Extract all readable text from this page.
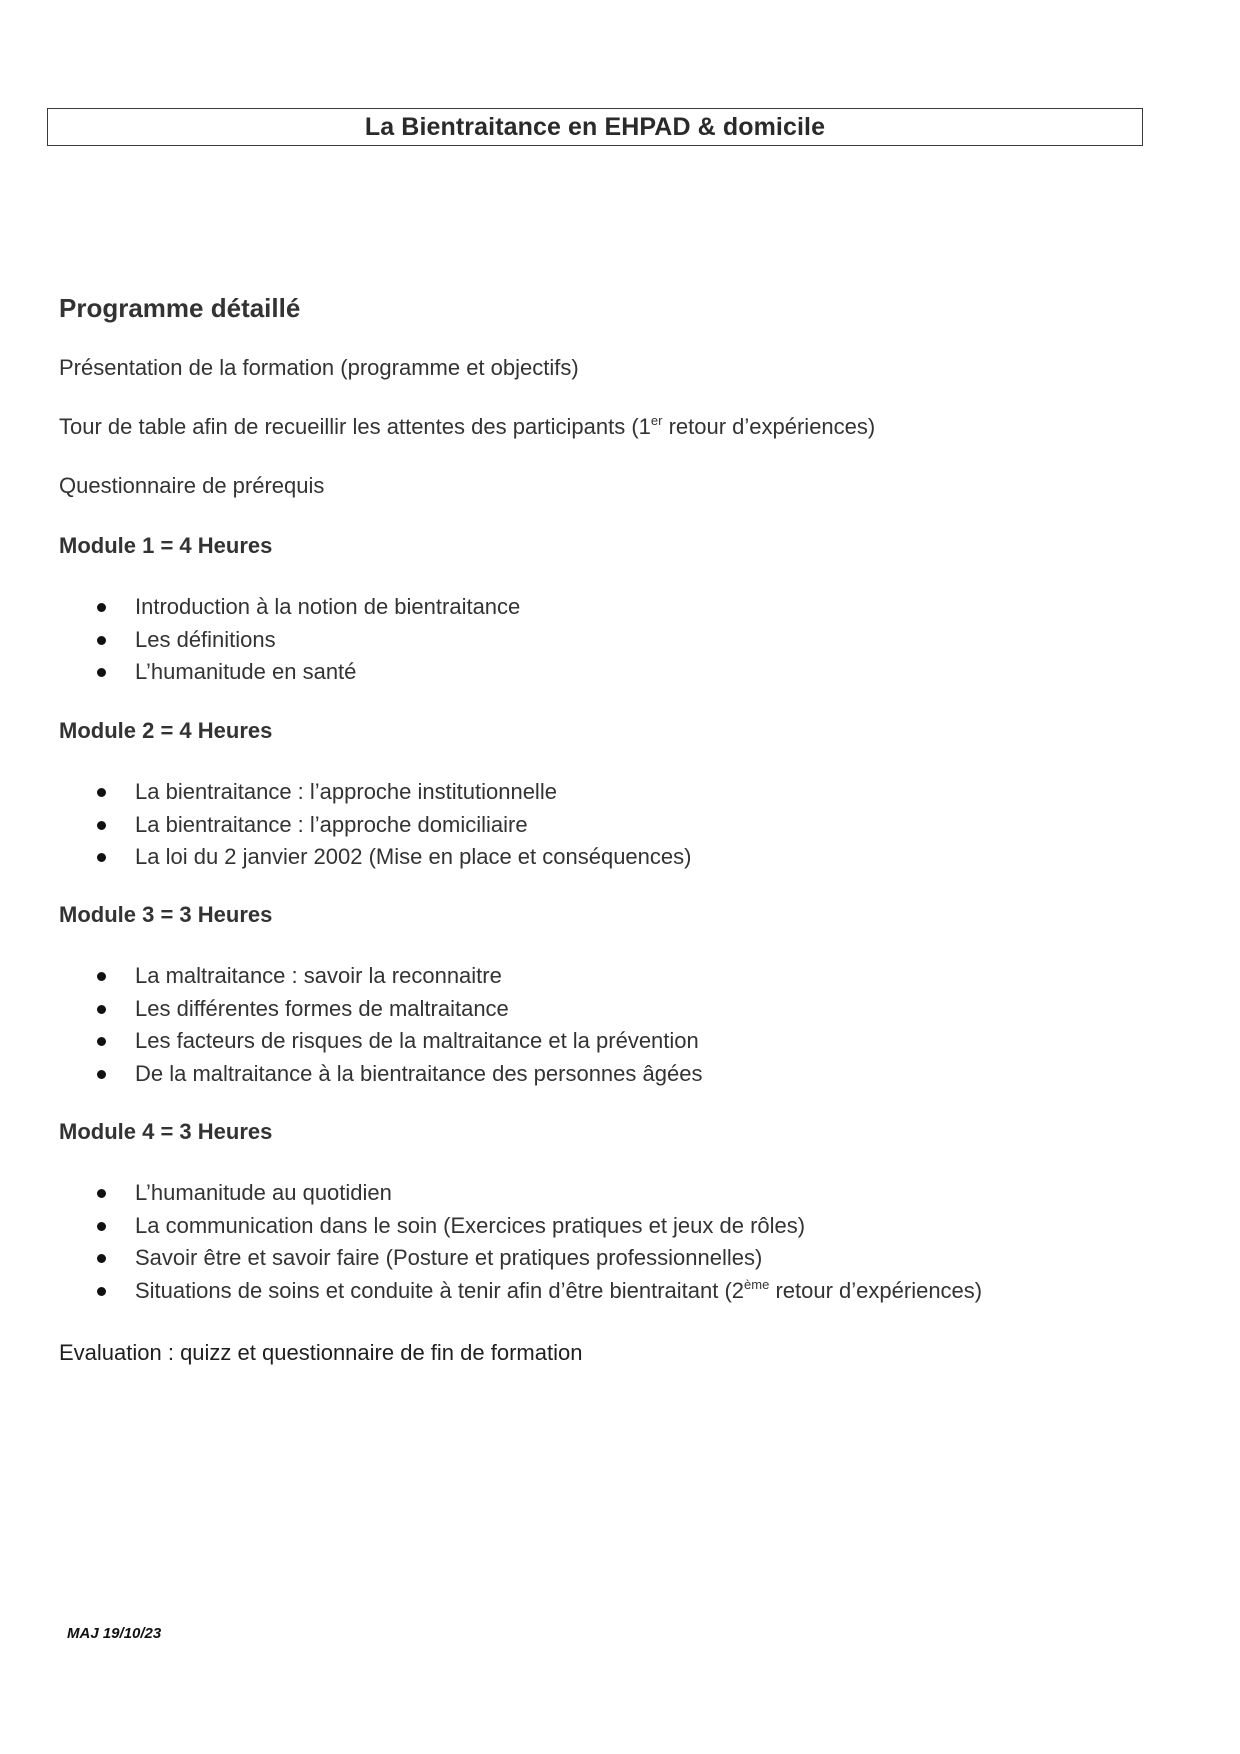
La Bientraitance en EHPAD & domicile
Programme détaillé

Présentation de la formation (programme et objectifs)

Tour de table afin de recueillir les attentes des participants (1er retour d’expériences)

Questionnaire de prérequis

Module 1 = 4 Heures

Introduction à la notion de bientraitance
Les définitions
L’humanitude en santé

Module 2 = 4 Heures

La bientraitance : l’approche institutionnelle
La bientraitance : l’approche domiciliaire
La loi du 2 janvier 2002 (Mise en place et conséquences)

Module 3 = 3 Heures

La maltraitance : savoir la reconnaitre
Les différentes formes de maltraitance
Les facteurs de risques de la maltraitance et la prévention
De la maltraitance à la bientraitance des personnes âgées

Module 4 = 3 Heures

L’humanitude au quotidien
La communication dans le soin (Exercices pratiques et jeux de rôles)
Savoir être et savoir faire (Posture et pratiques professionnelles)
Situations de soins et conduite à tenir afin d’être bientraitant (2ème retour d’expériences)

Evaluation : quizz et questionnaire de fin de formation

MAJ 19/10/23
